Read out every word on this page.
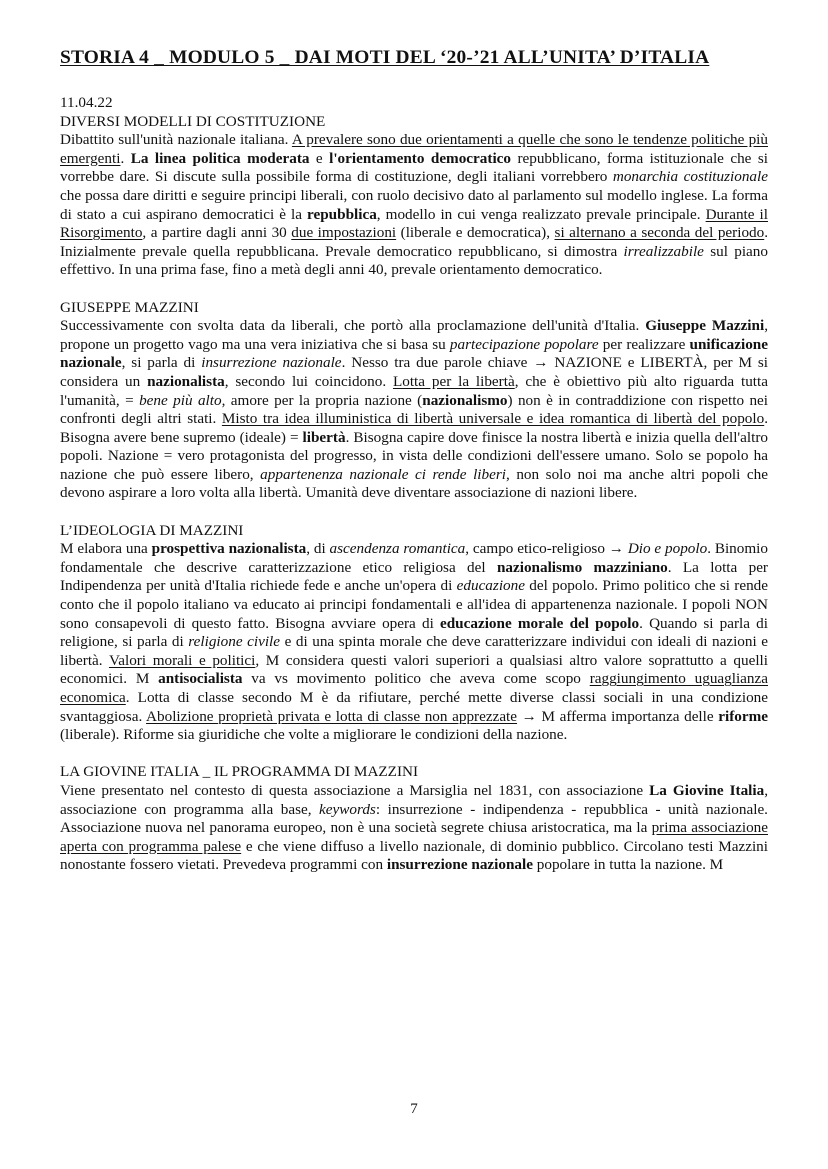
STORIA 4 _ MODULO 5 _ DAI MOTI DEL ‘20-’21 ALL’UNITA’ D’ITALIA
11.04.22
DIVERSI MODELLI DI COSTITUZIONE
Dibattito sull'unità nazionale italiana. A prevalere sono due orientamenti a quelle che sono le tendenze politiche più emergenti. La linea politica moderata e l'orientamento democratico repubblicano, forma istituzionale che si vorrebbe dare. Si discute sulla possibile forma di costituzione, degli italiani vorrebbero monarchia costituzionale che possa dare diritti e seguire principi liberali, con ruolo decisivo dato al parlamento sul modello inglese. La forma di stato a cui aspirano democratici è la repubblica, modello in cui venga realizzato prevale principale. Durante il Risorgimento, a partire dagli anni 30 due impostazioni (liberale e democratica), si alternano a seconda del periodo. Inizialmente prevale quella repubblicana. Prevale democratico repubblicano, si dimostra irrealizzabile sul piano effettivo. In una prima fase, fino a metà degli anni 40, prevale orientamento democratico.
GIUSEPPE MAZZINI
Successivamente con svolta data da liberali, che portò alla proclamazione dell'unità d'Italia. Giuseppe Mazzini, propone un progetto vago ma una vera iniziativa che si basa su partecipazione popolare per realizzare unificazione nazionale, si parla di insurrezione nazionale. Nesso tra due parole chiave → NAZIONE e LIBERTÀ, per M si considera un nazionalista, secondo lui coincidono. Lotta per la libertà, che è obiettivo più alto riguarda tutta l'umanità, = bene più alto, amore per la propria nazione (nazionalismo) non è in contraddizione con rispetto nei confronti degli altri stati. Misto tra idea illuministica di libertà universale e idea romantica di libertà del popolo. Bisogna avere bene supremo (ideale) = libertà. Bisogna capire dove finisce la nostra libertà e inizia quella dell'altro popoli. Nazione = vero protagonista del progresso, in vista delle condizioni dell'essere umano. Solo se popolo ha nazione che può essere libero, appartenenza nazionale ci rende liberi, non solo noi ma anche altri popoli che devono aspirare a loro volta alla libertà. Umanità deve diventare associazione di nazioni libere.
L’IDEOLOGIA DI MAZZINI
M elabora una prospettiva nazionalista, di ascendenza romantica, campo etico-religioso → Dio e popolo. Binomio fondamentale che descrive caratterizzazione etico religiosa del nazionalismo mazziniano. La lotta per Indipendenza per unità d'Italia richiede fede e anche un'opera di educazione del popolo. Primo politico che si rende conto che il popolo italiano va educato ai principi fondamentali e all'idea di appartenenza nazionale. I popoli NON sono consapevoli di questo fatto. Bisogna avviare opera di educazione morale del popolo. Quando si parla di religione, si parla di religione civile e di una spinta morale che deve caratterizzare individui con ideali di nazioni e libertà. Valori morali e politici, M considera questi valori superiori a qualsiasi altro valore soprattutto a quelli economici. M antisocialista va vs movimento politico che aveva come scopo raggiungimento uguaglianza economica. Lotta di classe secondo M è da rifiutare, perché mette diverse classi sociali in una condizione svantaggiosa. Abolizione proprietà privata e lotta di classe non apprezzate → M afferma importanza delle riforme (liberale). Riforme sia giuridiche che volte a migliorare le condizioni della nazione.
LA GIOVINE ITALIA _ IL PROGRAMMA DI MAZZINI
Viene presentato nel contesto di questa associazione a Marsiglia nel 1831, con associazione La Giovine Italia, associazione con programma alla base, keywords: insurrezione - indipendenza - repubblica - unità nazionale. Associazione nuova nel panorama europeo, non è una società segrete chiusa aristocratica, ma la prima associazione aperta con programma palese e che viene diffuso a livello nazionale, di dominio pubblico. Circolano testi Mazzini nonostante fossero vietati. Prevedeva programmi con insurrezione nazionale popolare in tutta la nazione. M
7
